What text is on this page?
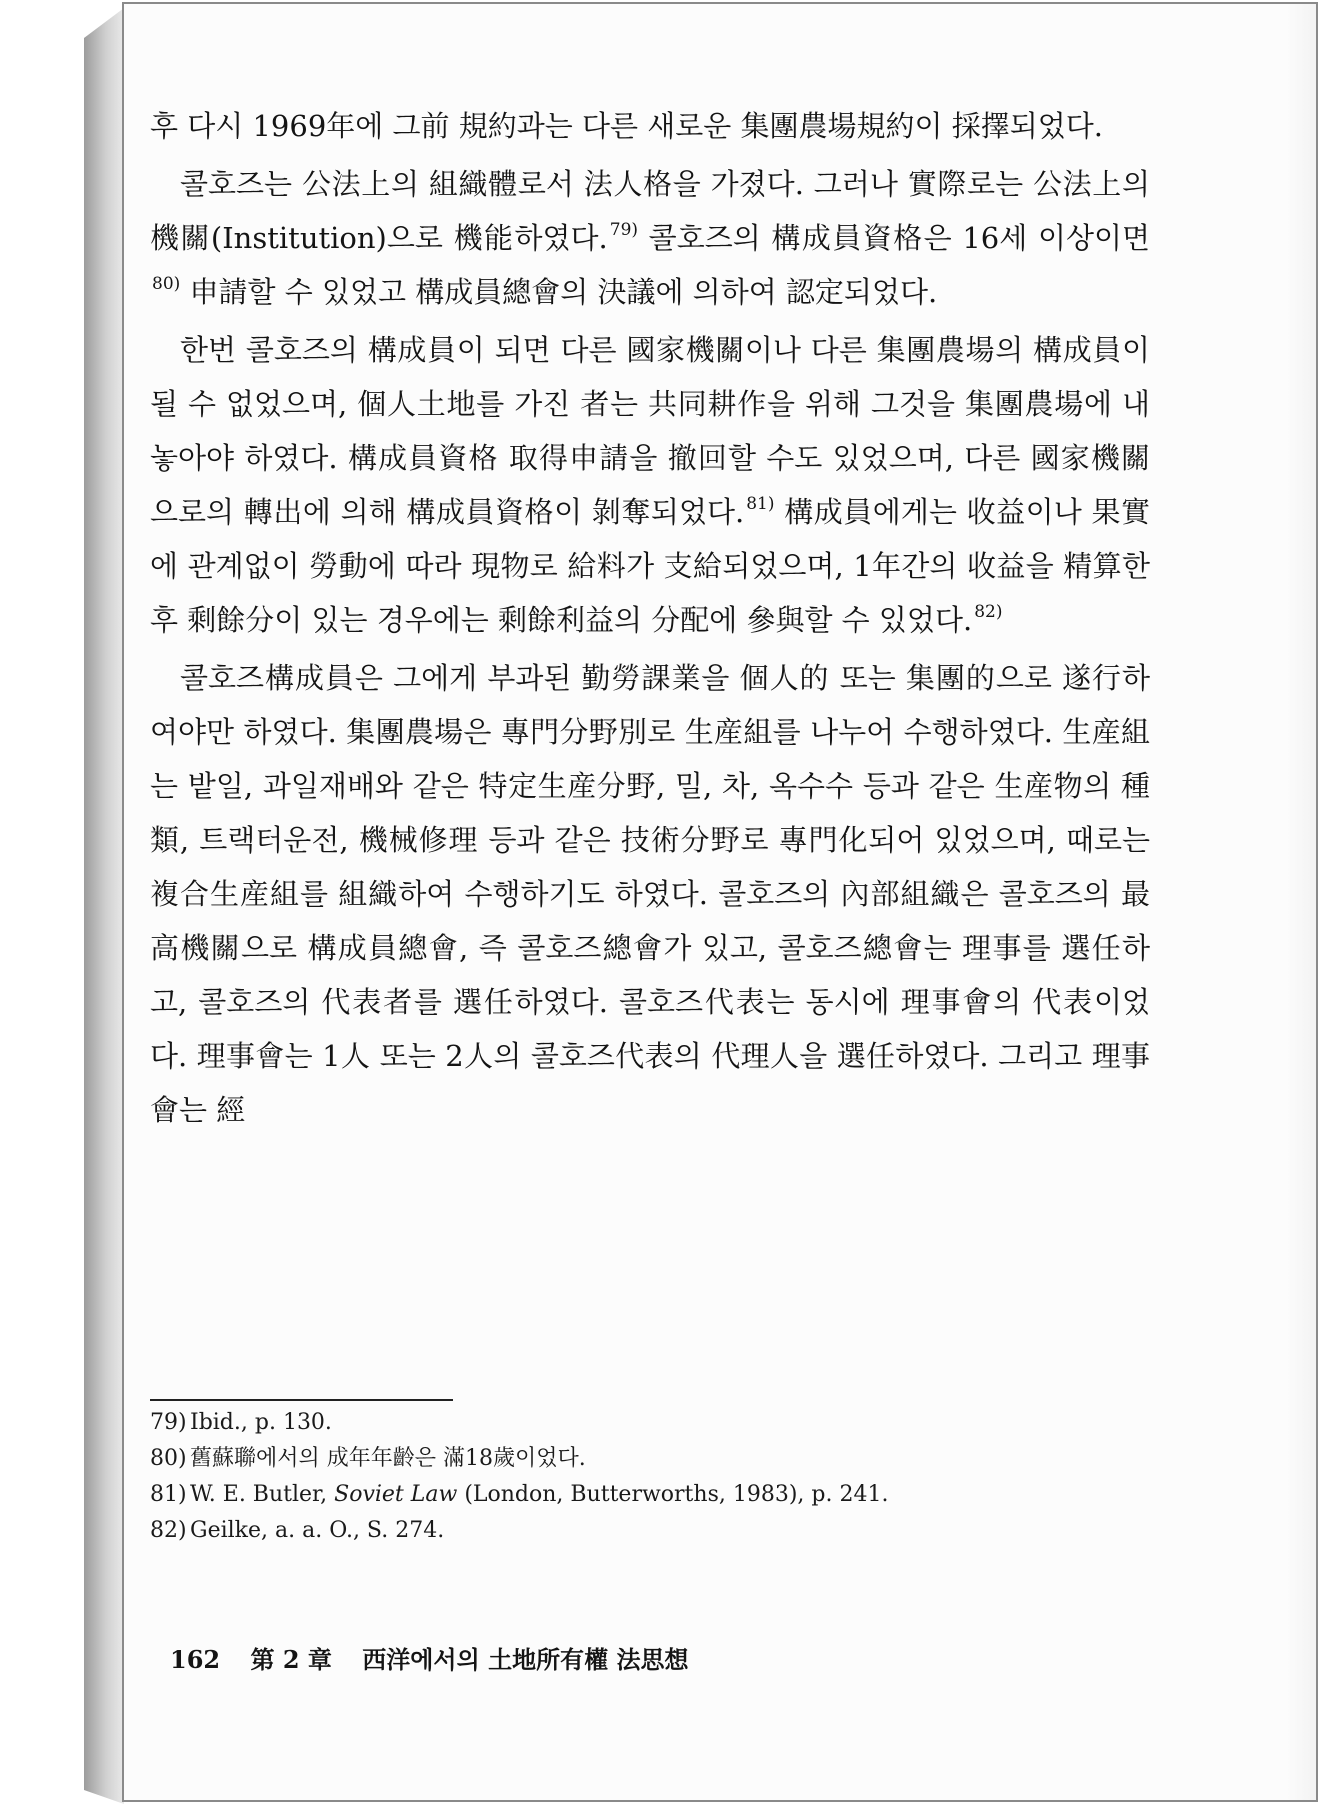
후 다시 1969年에 그前 規約과는 다른 새로운 集團農場規約이 採擇되었다.

콜호즈는 公法上의 組織體로서 法人格을 가졌다. 그러나 實際로는 公法上의 機關(Institution)으로 機能하였다. $^{79)}$ 콜호즈의 構成員資格은 16세 이상이면$^{80)}$ 申請할 수 있었고 構成員總會의 決議에 의하여 認定되었다.

한번 콜호즈의 構成員이 되면 다른 國家機關이나 다른 集團農場의 構成員이 될 수 없었으며, 個人土地를 가진 者는 共同耕作을 위해 그것을 集團農場에 내놓아야 하였다. 構成員資格 取得申請을 撤回할 수도 있었으며, 다른 國家機關으로의 轉出에 의해 構成員資格이 剝奪되었다. $^{81)}$ 構成員에게는 收益이나 果實에 관계없이 勞動에 따라 現物로 給料가 支給되었으며, 1年간의 收益을 精算한 후 剩餘分이 있는 경우에는 剩餘利益의 分配에 參與할 수 있었다. $^{82)}$

콜호즈構成員은 그에게 부과된 勤勞課業을 個人的 또는 集團的으로 遂行하여야만 하였다. 集團農場은 專門分野別로 生産組를 나누어 수행하였다. 生産組는 밭일, 과일재배와 같은 特定生産分野, 밀, 차, 옥수수 등과 같은 生産物의 種類, 트랙터운전, 機械修理 등과 같은 技術分野로 專門化되어 있었으며, 때로는 複合生産組를 組織하여 수행하기도 하였다. 콜호즈의 內部組織은 콜호즈의 最高機關으로 構成員總會, 즉 콜호즈總會가 있고, 콜호즈總會는 理事를 選任하고, 콜호즈의 代表者를 選任하였다. 콜호즈代表는 동시에 理事會의 代表이었다. 理事會는 1人 또는 2人의 콜호즈代表의 代理人을 選任하였다. 그리고 理事會는 經

79) Ibid., p. 130.
80) 舊蘇聯에서의 成年年齡은 滿18歲이었다.
81) W. E. Butler, Soviet Law (London, Butterworths, 1983), p. 241.
82) Geilke, a. a. O., S. 274.
162 第 2 章 西洋에서의 土地所有權 法思想
